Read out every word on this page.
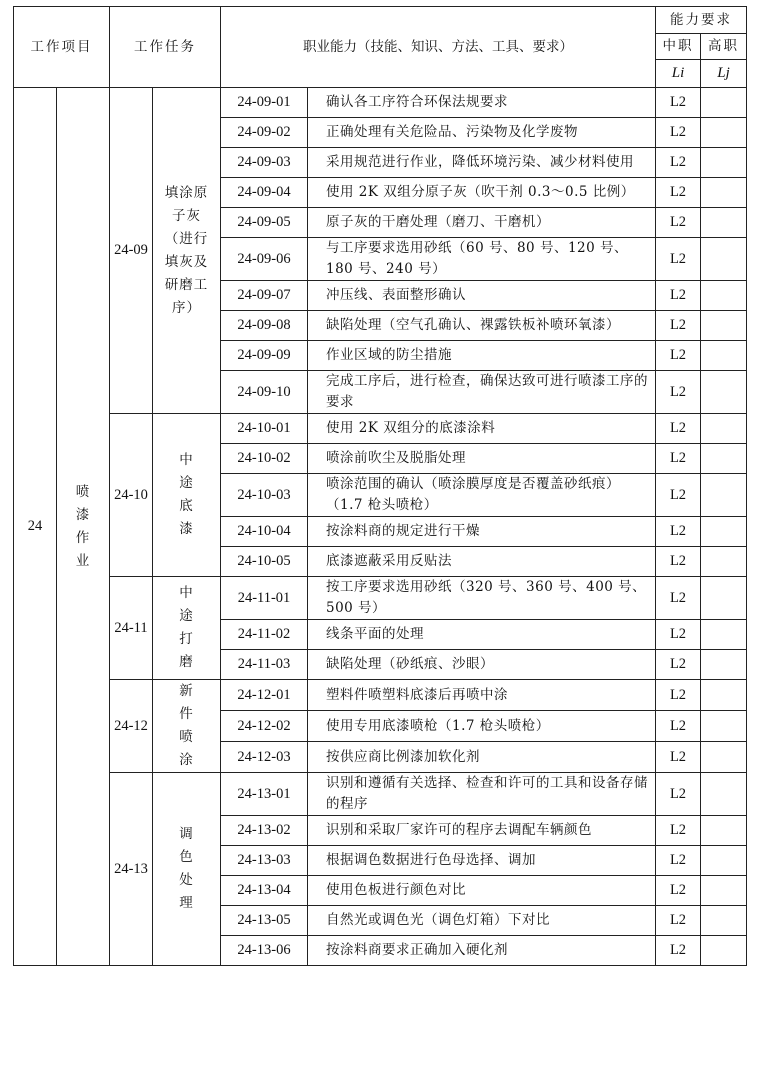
工作项目		工作任务		职业能力（技能、知识、方法、工具、要求）		能力要求	
						中职	高职
						Li	Lj
24	喷漆作业	24-09	填涂原子灰（进行填灰及研磨工序）	24-09-01	确认各工序符合环保法规要求	L2	
				24-09-02	正确处理有关危险品、污染物及化学废物	L2	
				24-09-03	采用规范进行作业，降低环境污染、减少材料使用	L2	
				24-09-04	使用 2K 双组分原子灰（吹干剂 0.3～0.5 比例）	L2	
				24-09-05	原子灰的干磨处理（磨刀、干磨机）	L2	
				24-09-06	与工序要求选用砂纸（60 号、80 号、120 号、180 号、240 号）	L2	
				24-09-07	冲压线、表面整形确认	L2	
				24-09-08	缺陷处理（空气孔确认、裸露铁板补喷环氧漆）	L2	
				24-09-09	作业区域的防尘措施	L2	
				24-09-10	完成工序后，进行检查，确保达致可进行喷漆工序的要求	L2	
		24-10	中途底漆	24-10-01	使用 2K 双组分的底漆涂料	L2	
				24-10-02	喷涂前吹尘及脱脂处理	L2	
				24-10-03	喷涂范围的确认（喷涂膜厚度是否覆盖砂纸痕）（1.7 枪头喷枪）	L2	
				24-10-04	按涂料商的规定进行干燥	L2	
				24-10-05	底漆遮蔽采用反贴法	L2	
		24-11	中途打磨	24-11-01	按工序要求选用砂纸（320 号、360 号、400 号、500 号）	L2	
				24-11-02	线条平面的处理	L2	
				24-11-03	缺陷处理（砂纸痕、沙眼）	L2	
		24-12	新件喷涂	24-12-01	塑料件喷塑料底漆后再喷中涂	L2	
				24-12-02	使用专用底漆喷枪（1.7 枪头喷枪）	L2	
				24-12-03	按供应商比例漆加软化剂	L2	
		24-13	调色处理	24-13-01	识别和遵循有关选择、检查和许可的工具和设备存储的程序	L2	
				24-13-02	识别和采取厂家许可的程序去调配车辆颜色	L2	
				24-13-03	根据调色数据进行色母选择、调加	L2	
				24-13-04	使用色板进行颜色对比	L2	
				24-13-05	自然光或调色光（调色灯箱）下对比	L2	
				24-13-06	按涂料商要求正确加入硬化剂	L2	
